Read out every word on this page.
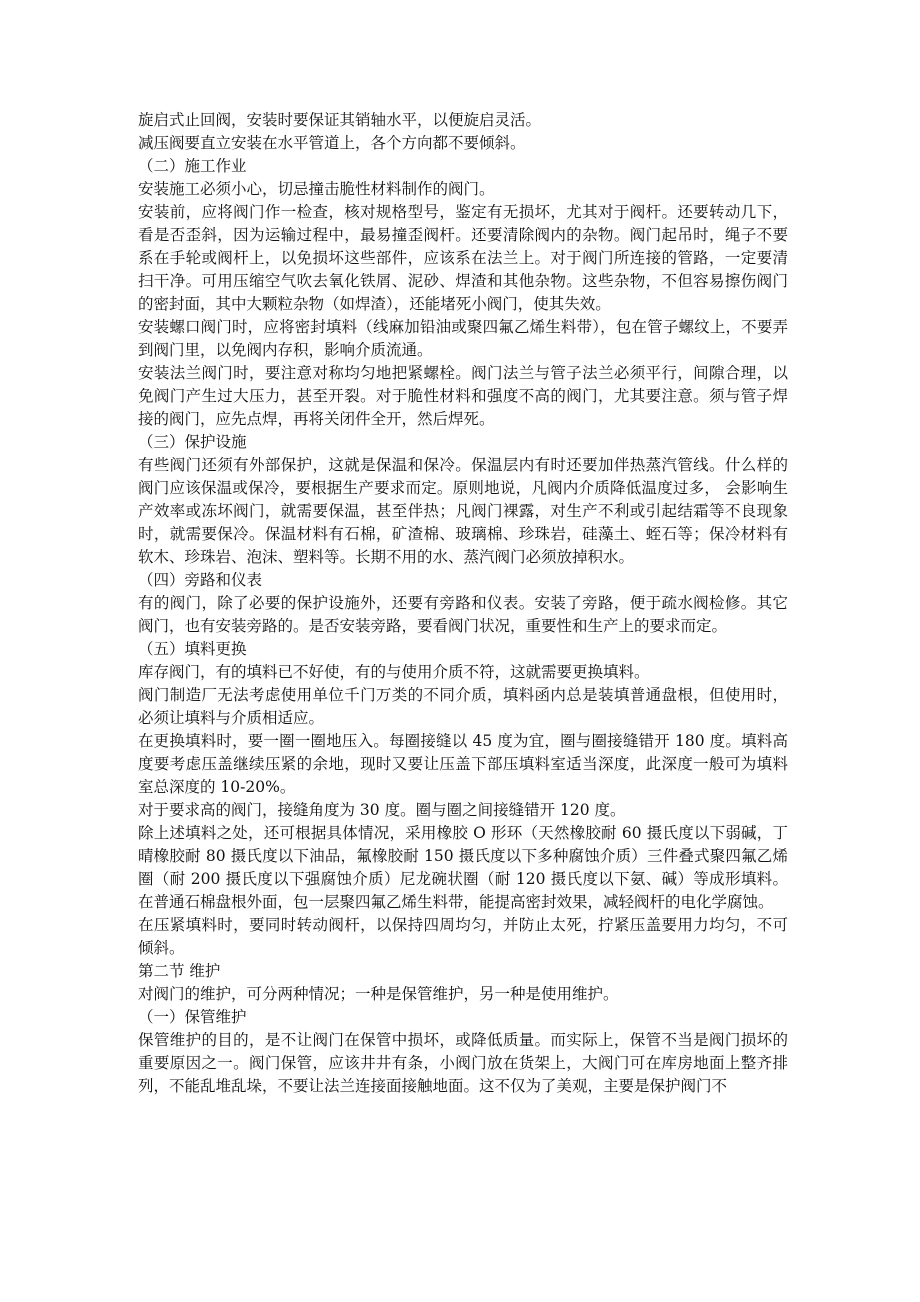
旋启式止回阀，安装时要保证其销轴水平，以便旋启灵活。

减压阀要直立安装在水平管道上，各个方向都不要倾斜。

（二）施工作业

安装施工必须小心，切忌撞击脆性材料制作的阀门。

安装前，应将阀门作一检查，核对规格型号，鉴定有无损坏，尤其对于阀杆。还要转动几下，看是否歪斜，因为运输过程中，最易撞歪阀杆。还要清除阀内的杂物。阀门起吊时，绳子不要系在手轮或阀杆上，以免损坏这些部件，应该系在法兰上。对于阀门所连接的管路，一定要清扫干净。可用压缩空气吹去氧化铁屑、泥砂、焊渣和其他杂物。这些杂物，不但容易擦伤阀门的密封面，其中大颗粒杂物（如焊渣），还能堵死小阀门，使其失效。

安装螺口阀门时，应将密封填料（线麻加铅油或聚四氟乙烯生料带），包在管子螺纹上，不要弄到阀门里，以免阀内存积，影响介质流通。

安装法兰阀门时，要注意对称均匀地把紧螺栓。阀门法兰与管子法兰必须平行，间隙合理，以免阀门产生过大压力，甚至开裂。对于脆性材料和强度不高的阀门，尤其要注意。须与管子焊接的阀门，应先点焊，再将关闭件全开，然后焊死。

（三）保护设施

有些阀门还须有外部保护，这就是保温和保冷。保温层内有时还要加伴热蒸汽管线。什么样的阀门应该保温或保冷，要根据生产要求而定。原则地说，凡阀内介质降低温度过多， 会影响生产效率或冻坏阀门，就需要保温，甚至伴热；凡阀门裸露，对生产不利或引起结霜等不良现象时，就需要保冷。保温材料有石棉，矿渣棉、玻璃棉、珍珠岩，硅藻土、蛭石等；保冷材料有软木、珍珠岩、泡沫、塑料等。长期不用的水、蒸汽阀门必须放掉积水。

（四）旁路和仪表

有的阀门，除了必要的保护设施外，还要有旁路和仪表。安装了旁路，便于疏水阀检修。其它阀门，也有安装旁路的。是否安装旁路，要看阀门状况，重要性和生产上的要求而定。

（五）填料更换

库存阀门，有的填料已不好使，有的与使用介质不符，这就需要更换填料。

阀门制造厂无法考虑使用单位千门万类的不同介质，填料函内总是装填普通盘根，但使用时，必须让填料与介质相适应。

在更换填料时，要一圈一圈地压入。每圈接缝以 45 度为宜，圈与圈接缝错开 180 度。填料高度要考虑压盖继续压紧的余地，现时又要让压盖下部压填料室适当深度，此深度一般可为填料室总深度的 10-20%。

对于要求高的阀门，接缝角度为 30 度。圈与圈之间接缝错开 120 度。

除上述填料之处，还可根据具体情况，采用橡胶 O 形环（天然橡胶耐 60 摄氏度以下弱碱，丁晴橡胶耐 80 摄氏度以下油品，氟橡胶耐 150 摄氏度以下多种腐蚀介质）三件叠式聚四氟乙烯圈（耐 200 摄氏度以下强腐蚀介质）尼龙碗状圈（耐 120 摄氏度以下氨、碱）等成形填料。在普通石棉盘根外面，包一层聚四氟乙烯生料带，能提高密封效果，减轻阀杆的电化学腐蚀。

在压紧填料时，要同时转动阀杆，以保持四周均匀，并防止太死，拧紧压盖要用力均匀，不可倾斜。

第二节 维护

对阀门的维护，可分两种情况；一种是保管维护，另一种是使用维护。

（一）保管维护

保管维护的目的，是不让阀门在保管中损坏，或降低质量。而实际上，保管不当是阀门损坏的重要原因之一。阀门保管，应该井井有条，小阀门放在货架上，大阀门可在库房地面上整齐排列，不能乱堆乱垛，不要让法兰连接面接触地面。这不仅为了美观，主要是保护阀门不
